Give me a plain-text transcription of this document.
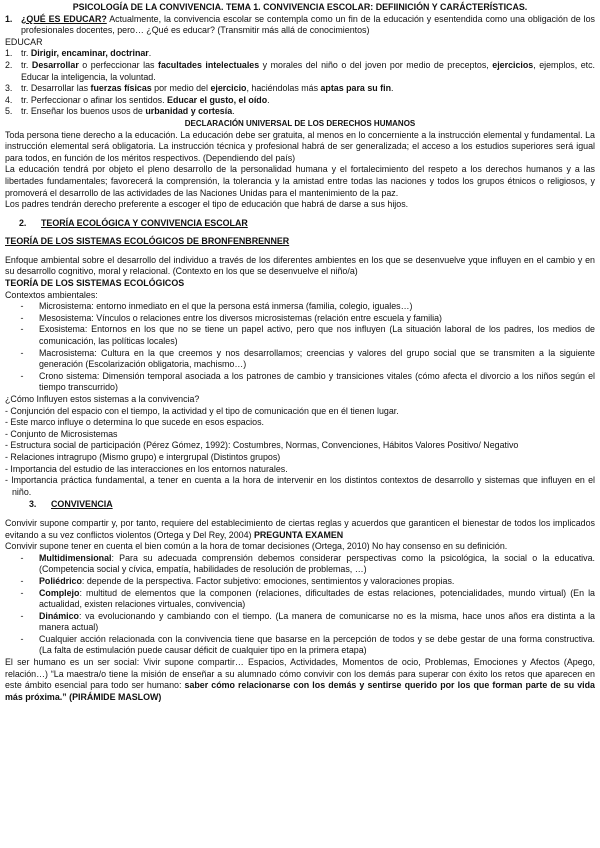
PSICOLOGÍA DE LA CONVIVENCIA. TEMA 1. CONVIVENCIA ESCOLAR: DEFIINICIÓN Y CARÁCTERÍSTICAS.

1. ¿QUÉ ES EDUCAR? Actualmente, la convivencia escolar se contempla como un fin de la educación y esentendida como una obligación de los profesionales docentes, pero… ¿Qué es educar? (Transmitir más allá de conocimientos)

EDUCAR

1. tr. Dirigir, encaminar, doctrinar.
2. tr. Desarrollar o perfeccionar las facultades intelectuales y morales del niño o del joven por medio de preceptos, ejercicios, ejemplos, etc. Educar la inteligencia, la voluntad.
3. tr. Desarrollar las fuerzas físicas por medio del ejercicio, haciéndolas más aptas para su fin.
4. tr. Perfeccionar o afinar los sentidos. Educar el gusto, el oído.
5. tr. Enseñar los buenos usos de urbanidad y cortesía.

DECLARACIÓN UNIVERSAL DE LOS DERECHOS HUMANOS

Toda persona tiene derecho a la educación. La educación debe ser gratuita, al menos en lo concerniente a la instrucción elemental y fundamental. La instrucción elemental será obligatoria. La instrucción técnica y profesional habrá de ser generalizada; el acceso a los estudios superiores será igual para todos, en función de los méritos respectivos. (Dependiendo del país)

La educación tendrá por objeto el pleno desarrollo de la personalidad humana y el fortalecimiento del respeto a los derechos humanos y a las libertades fundamentales; favorecerá la comprensión, la tolerancia y la amistad entre todas las naciones y todos los grupos étnicos o religiosos, y promoverá el desarrollo de las actividades de las Naciones Unidas para el mantenimiento de la paz.

Los padres tendrán derecho preferente a escoger el tipo de educación que habrá de darse a sus hijos.

2.	TEORÍA ECOLÓGICA Y CONVIVENCIA ESCOLAR

TEORÍA DE LOS SISTEMAS ECOLÓGICOS DE BRONFENBRENNER

Enfoque ambiental sobre el desarrollo del individuo a través de los diferentes ambientes en los que se desenvuelve yque influyen en el cambio y en su desarrollo cognitivo, moral y relacional. (Contexto en los que se desenvuelve el niño/a)

TEORÍA DE LOS SISTEMAS ECOLÓGICOS

Contextos ambientales:

-	Microsistema: entorno inmediato en el que la persona está inmersa (familia, colegio, iguales…)
-	Mesosistema: Vínculos o relaciones entre los diversos microsistemas (relación entre escuela y familia)
-	Exosistema: Entornos en los que no se tiene un papel activo, pero que nos influyen (La situación laboral de los padres, los medios de comunicación, las políticas locales)
-	Macrosistema: Cultura en la que creemos y nos desarrollamos; creencias y valores del grupo social que se transmiten a la siguiente generación (Escolarización obligatoria, machismo…)
-	Crono sistema: Dimensión temporal asociada a los patrones de cambio y transiciones vitales (cómo afecta el divorcio a los niños según el tiempo transcurrido)

¿Cómo Influyen estos sistemas a la convivencia?

- Conjunción del espacio con el tiempo, la actividad y el tipo de comunicación que en él tienen lugar.

- Este marco influye o determina lo que sucede en esos espacios.

- Conjunto de Microsistemas

- Estructura social de participación (Pérez Gómez, 1992): Costumbres, Normas, Convenciones, Hábitos Valores Positivo/ Negativo

- Relaciones intragrupo (Mismo grupo) e intergrupal (Distintos grupos)

- Importancia del estudio de las interacciones en los entornos naturales.

- Importancia práctica fundamental, a tener en cuenta a la hora de intervenir en los distintos contextos de desarrollo y sistemas que influyen en el niño.

3.	CONVIVENCIA

Convivir supone compartir y, por tanto, requiere del establecimiento de ciertas reglas y acuerdos que garanticen el bienestar de todos los implicados evitando a su vez conflictos violentos (Ortega y Del Rey, 2004) PREGUNTA EXAMEN

Convivir supone tener en cuenta el bien común a la hora de tomar decisiones (Ortega, 2010) No hay consenso en su definición.

-	Multidimensional: Para su adecuada comprensión debemos considerar perspectivas como la psicológica, la social o la educativa. (Competencia social y cívica, empatía, habilidades de resolución de problemas, …)
-	Poliédrico: depende de la perspectiva. Factor subjetivo: emociones, sentimientos y valoraciones propias.
-	Complejo: multitud de elementos que la componen (relaciones, dificultades de estas relaciones, potencialidades, mundo virtual) (En la actualidad, existen relaciones virtuales, convivencia)
-	Dinámico: va evolucionando y cambiando con el tiempo. (La manera de comunicarse no es la misma, hace unos años era distinta a la manera actual)
-	Cualquier acción relacionada con la convivencia tiene que basarse en la percepción de todos y se debe gestar de una forma constructiva. (La falta de estimulación puede causar déficit de cualquier tipo en la primera etapa)

El ser humano es un ser social: Vivir supone compartir… Espacios, Actividades, Momentos de ocio, Problemas, Emociones y Afectos (Apego, relación…) “La maestra/o tiene la misión de enseñar a su alumnado cómo convivir con los demás para superar con éxito los retos que aparecen en este ámbito esencial para todo ser humano: saber cómo relacionarse con los demás y sentirse querido por los que forman parte de su vida más próxima.” (PIRÁMIDE MASLOW)
